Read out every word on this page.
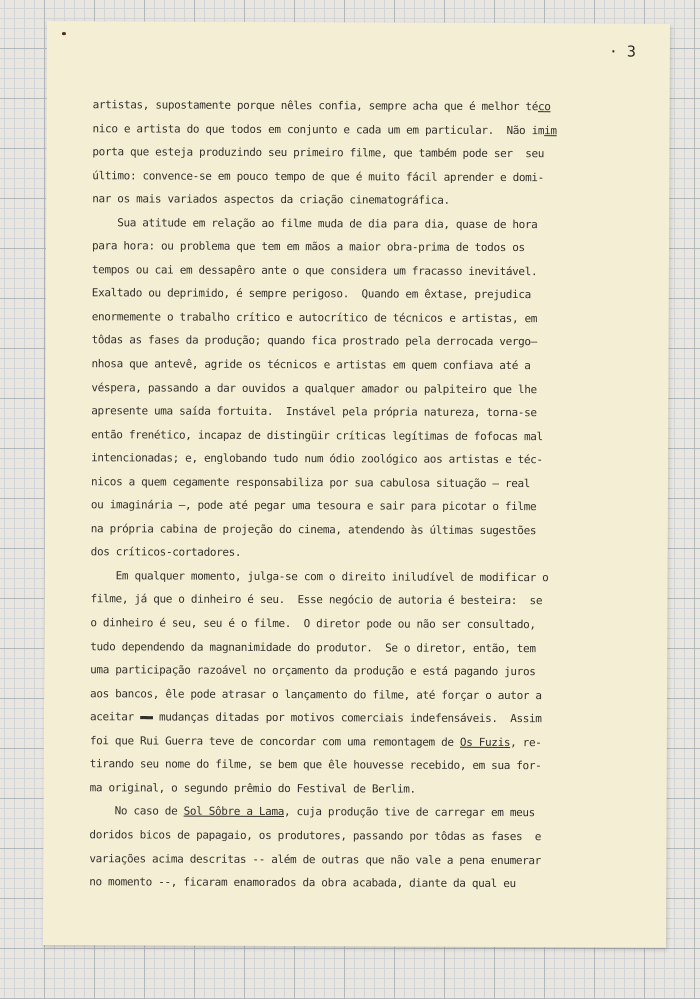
· 3
artistas, supostamente porque nêles confia, sempre acha que é melhor téco
nico e artista do que todos em conjunto e cada um em particular.  Não imim
porta que esteja produzindo seu primeiro filme, que também pode ser  seu
último: convence-se em pouco tempo de que é muito fácil aprender e domi-
nar os mais variados aspectos da criação cinematográfica.
Sua atitude em relação ao filme muda de dia para dia, quase de hora
para hora: ou problema que tem em mãos a maior obra-prima de todos os
tempos ou cai em dessapêro ante o que considera um fracasso inevitável.
Exaltado ou deprimido, é sempre perigoso.  Quando em êxtase, prejudica
enormemente o trabalho crítico e autocrítico de técnicos e artistas, em
tôdas as fases da produção; quando fica prostrado pela derrocada vergo—
nhosa que antevê, agride os técnicos e artistas em quem confiava até a
véspera, passando a dar ouvidos a qualquer amador ou palpiteiro que lhe
apresente uma saída fortuita.  Instável pela própria natureza, torna-se
então frenético, incapaz de distingüir críticas legítimas de fofocas mal
intencionadas; e, englobando tudo num ódio zoológico aos artistas e téc-
nicos a quem cegamente responsabiliza por sua cabulosa situação — real
ou imaginária —, pode até pegar uma tesoura e sair para picotar o filme
na própria cabina de projeção do cinema, atendendo às últimas sugestões
dos críticos-cortadores.
Em qualquer momento, julga-se com o direito iniludível de modificar o
filme, já que o dinheiro é seu.  Esse negócio de autoria é besteira:  se
o dinheiro é seu, seu é o filme.  O diretor pode ou não ser consultado,
tudo dependendo da magnanimidade do produtor.  Se o diretor, então, tem
uma participação razoável no orçamento da produção e está pagando juros
aos bancos, êle pode atrasar o lançamento do filme, até forçar o autor a
aceitar ▬▬ mudanças ditadas por motivos comerciais indefensáveis.  Assim
foi que Rui Guerra teve de concordar com uma remontagem de Os Fuzis, re-
tirando seu nome do filme, se bem que êle houvesse recebido, em sua for-
ma original, o segundo prêmio do Festival de Berlim.
No caso de Sol Sôbre a Lama, cuja produção tive de carregar em meus
doridos bicos de papagaio, os produtores, passando por tôdas as fases  e
variações acima descritas -- além de outras que não vale a pena enumerar
no momento --, ficaram enamorados da obra acabada, diante da qual eu
